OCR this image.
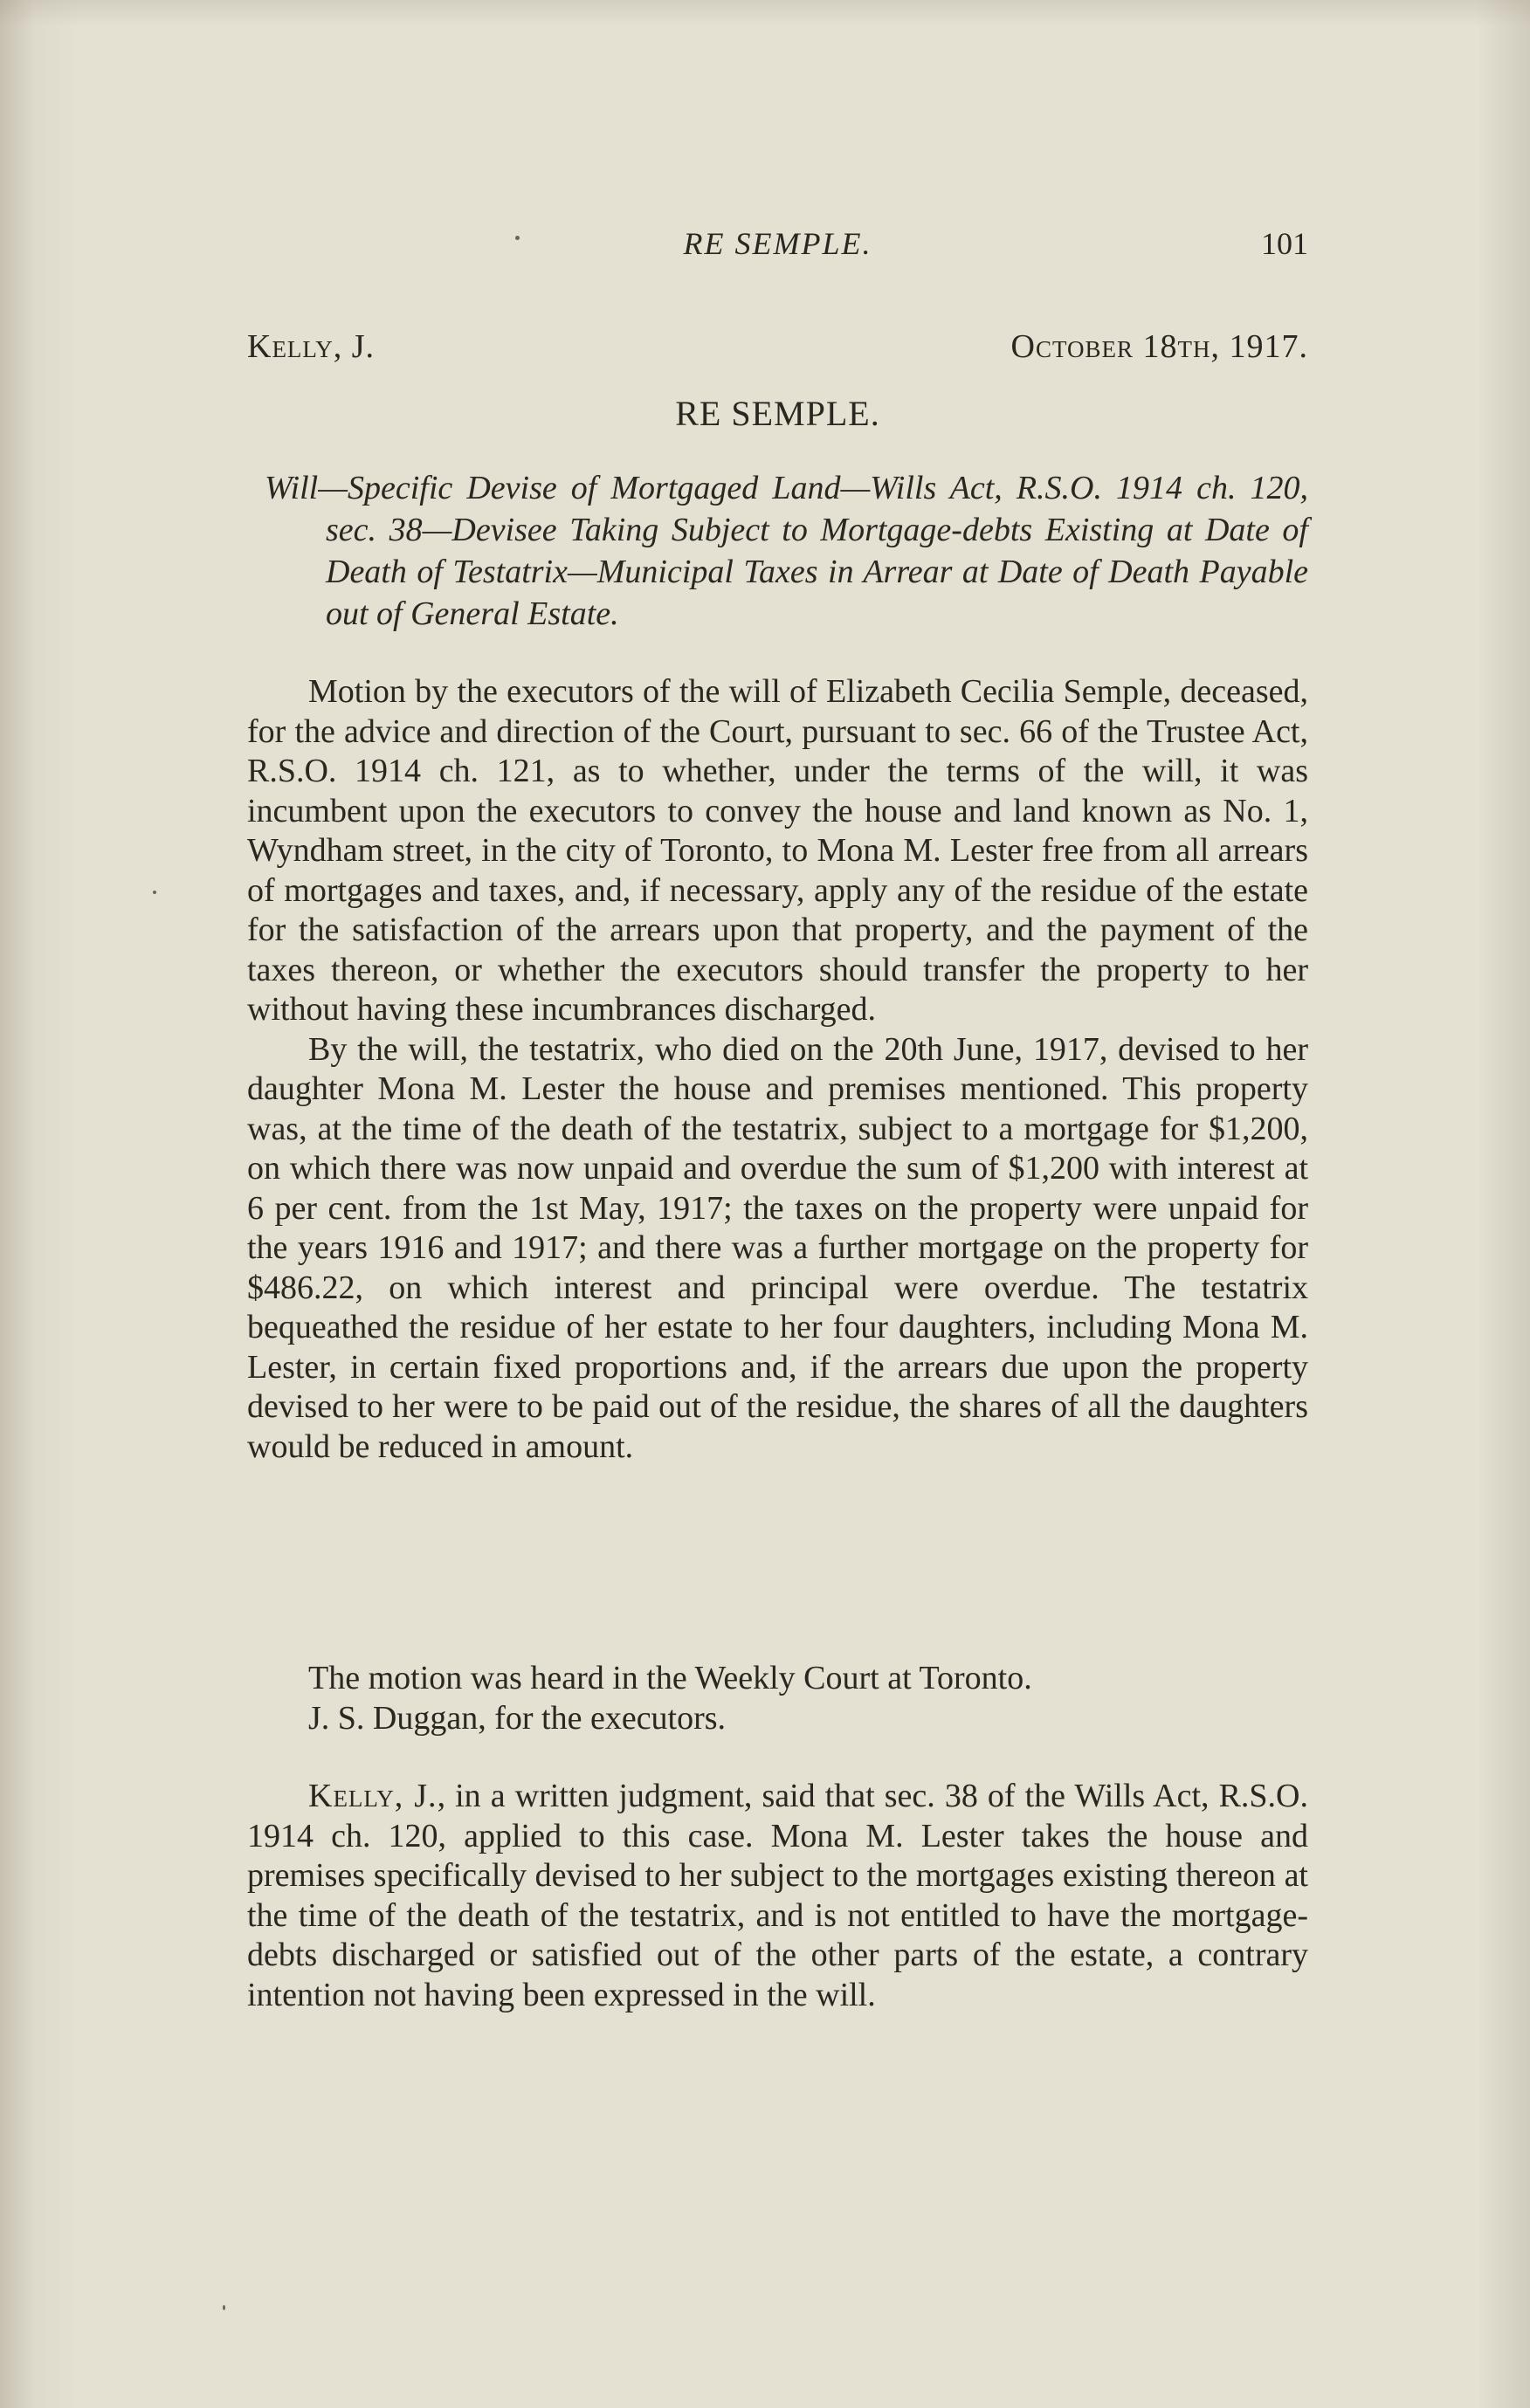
RE SEMPLE.	101
Kelly, J.	October 18th, 1917.
RE SEMPLE.
Will—Specific Devise of Mortgaged Land—Wills Act, R.S.O. 1914 ch. 120, sec. 38—Devisee Taking Subject to Mortgage-debts Existing at Date of Death of Testatrix—Municipal Taxes in Arrear at Date of Death Payable out of General Estate.

Motion by the executors of the will of Elizabeth Cecilia Semple, deceased, for the advice and direction of the Court, pursuant to sec. 66 of the Trustee Act, R.S.O. 1914 ch. 121, as to whether, under the terms of the will, it was incumbent upon the executors to convey the house and land known as No. 1, Wyndham street, in the city of Toronto, to Mona M. Lester free from all arrears of mortgages and taxes, and, if necessary, apply any of the residue of the estate for the satisfaction of the arrears upon that property, and the payment of the taxes thereon, or whether the executors should transfer the property to her without having these incumbrances discharged.

By the will, the testatrix, who died on the 20th June, 1917, devised to her daughter Mona M. Lester the house and premises mentioned. This property was, at the time of the death of the testatrix, subject to a mortgage for $1,200, on which there was now unpaid and overdue the sum of $1,200 with interest at 6 per cent. from the 1st May, 1917; the taxes on the property were unpaid for the years 1916 and 1917; and there was a further mortgage on the property for $486.22, on which interest and principal were overdue. The testatrix bequeathed the residue of her estate to her four daughters, including Mona M. Lester, in certain fixed proportions and, if the arrears due upon the property devised to her were to be paid out of the residue, the shares of all the daughters would be reduced in amount.

The motion was heard in the Weekly Court at Toronto.

J. S. Duggan, for the executors.

Kelly, J., in a written judgment, said that sec. 38 of the Wills Act, R.S.O. 1914 ch. 120, applied to this case. Mona M. Lester takes the house and premises specifically devised to her subject to the mortgages existing thereon at the time of the death of the testatrix, and is not entitled to have the mortgage-debts discharged or satisfied out of the other parts of the estate, a contrary intention not having been expressed in the will.
